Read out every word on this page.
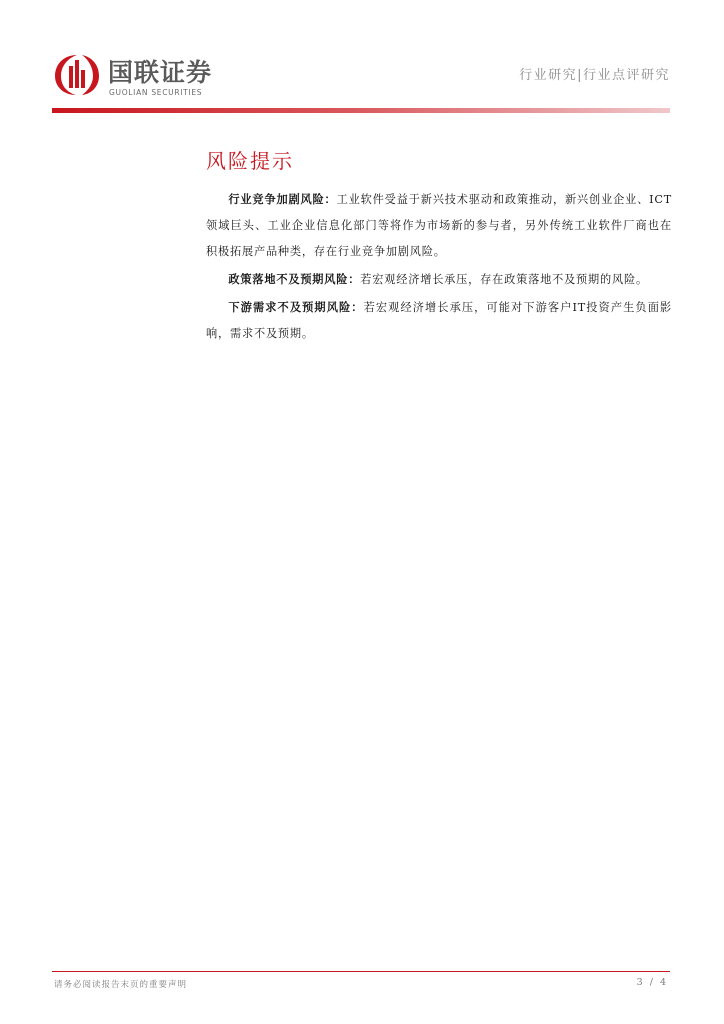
国联证券
GUOLIAN SECURITIES
行业研究|行业点评研究
风险提示

行业竞争加剧风险：工业软件受益于新兴技术驱动和政策推动，新兴创业企业、ICT领域巨头、工业企业信息化部门等将作为市场新的参与者，另外传统工业软件厂商也在积极拓展产品种类，存在行业竞争加剧风险。

政策落地不及预期风险：若宏观经济增长承压，存在政策落地不及预期的风险。

下游需求不及预期风险：若宏观经济增长承压，可能对下游客户IT投资产生负面影响，需求不及预期。

请务必阅读报告末页的重要声明	3 / 4
